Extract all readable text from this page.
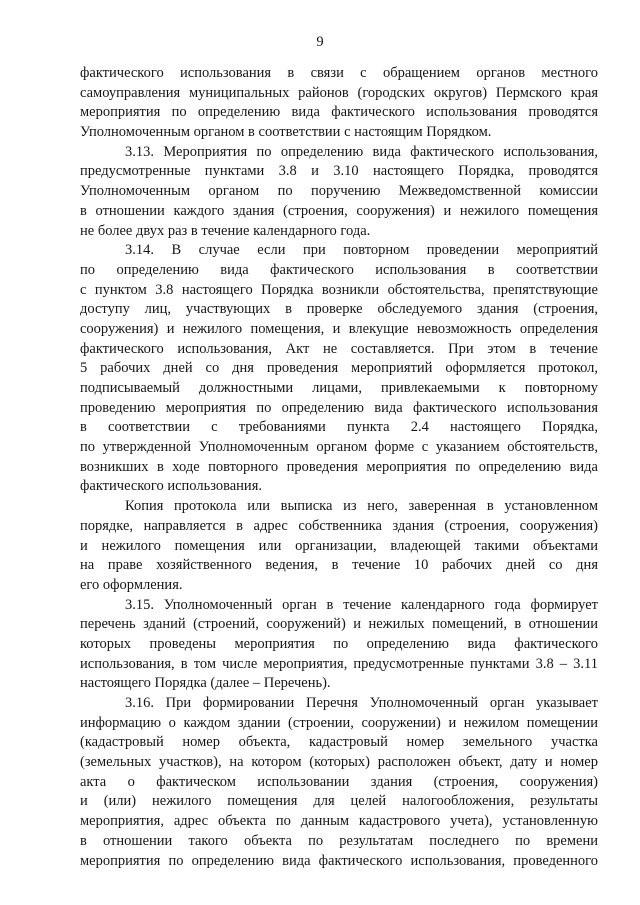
9
фактического использования в связи с обращением органов местного
самоуправления муниципальных районов (городских округов) Пермского края
мероприятия по определению вида фактического использования проводятся
Уполномоченным органом в соответствии с настоящим Порядком.
3.13. Мероприятия по определению вида фактического использования,
предусмотренные пунктами 3.8 и 3.10 настоящего Порядка, проводятся
Уполномоченным органом по поручению Межведомственной комиссии
в отношении каждого здания (строения, сооружения) и нежилого помещения
не более двух раз в течение календарного года.
3.14. В случае если при повторном проведении мероприятий
по определению вида фактического использования в соответствии
с пунктом 3.8 настоящего Порядка возникли обстоятельства, препятствующие
доступу лиц, участвующих в проверке обследуемого здания (строения,
сооружения) и нежилого помещения, и влекущие невозможность определения
фактического использования, Акт не составляется. При этом в течение
5 рабочих дней со дня проведения мероприятий оформляется протокол,
подписываемый должностными лицами, привлекаемыми к повторному
проведению мероприятия по определению вида фактического использования
в соответствии с требованиями пункта 2.4 настоящего Порядка,
по утвержденной Уполномоченным органом форме с указанием обстоятельств,
возникших в ходе повторного проведения мероприятия по определению вида
фактического использования.
Копия протокола или выписка из него, заверенная в установленном
порядке, направляется в адрес собственника здания (строения, сооружения)
и нежилого помещения или организации, владеющей такими объектами
на праве хозяйственного ведения, в течение 10 рабочих дней со дня
его оформления.
3.15. Уполномоченный орган в течение календарного года формирует
перечень зданий (строений, сооружений) и нежилых помещений, в отношении
которых проведены мероприятия по определению вида фактического
использования, в том числе мероприятия, предусмотренные пунктами 3.8 – 3.11
настоящего Порядка (далее – Перечень).
3.16. При формировании Перечня Уполномоченный орган указывает
информацию о каждом здании (строении, сооружении) и нежилом помещении
(кадастровый номер объекта, кадастровый номер земельного участка
(земельных участков), на котором (которых) расположен объект, дату и номер
акта о фактическом использовании здания (строения, сооружения)
и (или) нежилого помещения для целей налогообложения, результаты
мероприятия, адрес объекта по данным кадастрового учета), установленную
в отношении такого объекта по результатам последнего по времени
мероприятия по определению вида фактического использования, проведенного
